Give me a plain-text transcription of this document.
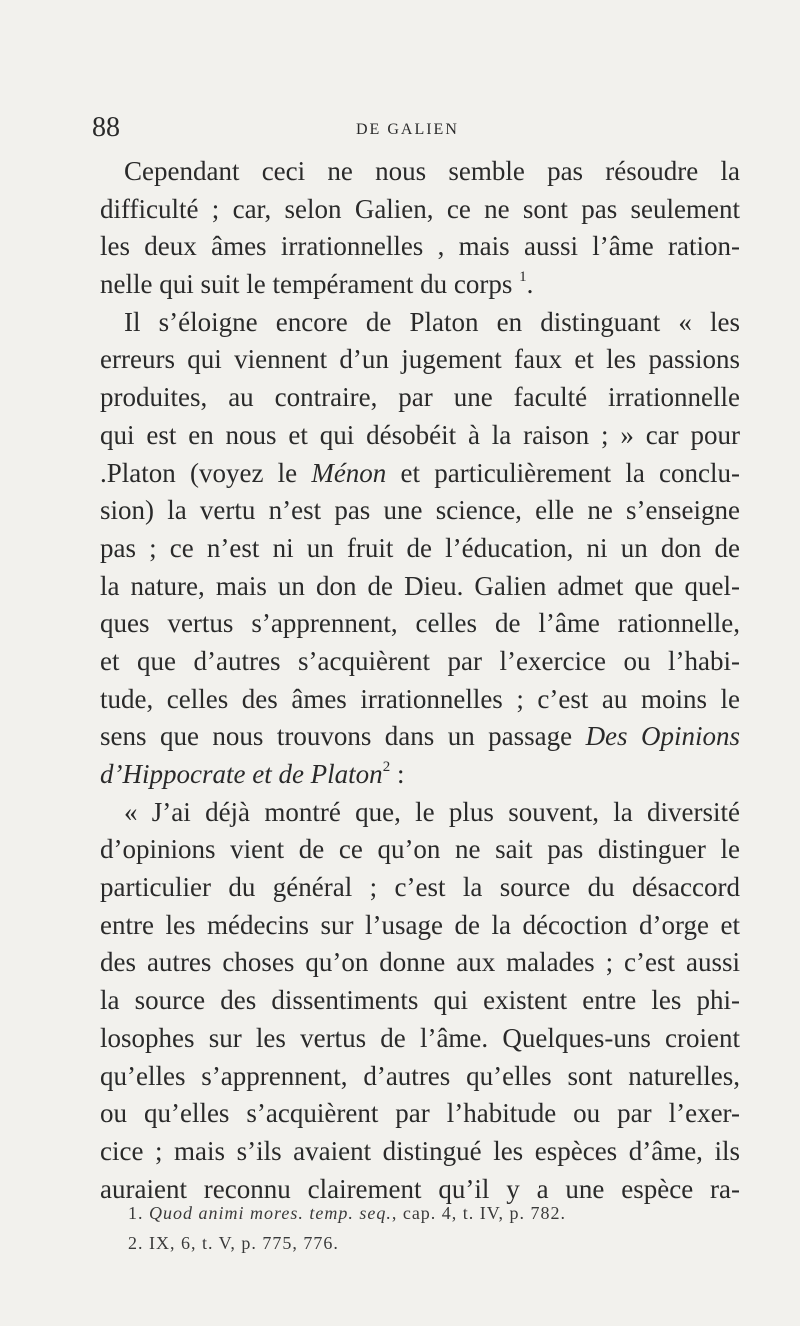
88	DE GALIEN
Cependant ceci ne nous semble pas résoudre la
difficulté ; car, selon Galien, ce ne sont pas seulement
les deux âmes irrationnelles , mais aussi l’âme ration-
nelle qui suit le tempérament du corps $^1$.
Il s’éloigne encore de Platon en distinguant « les
erreurs qui viennent d’un jugement faux et les passions
produites, au contraire, par une faculté irrationnelle
qui est en nous et qui désobéit à la raison ; » car pour
.Platon (voyez le Ménon et particulièrement la conclu-
sion) la vertu n’est pas une science, elle ne s’enseigne
pas ; ce n’est ni un fruit de l’éducation, ni un don de
la nature, mais un don de Dieu. Galien admet que quel-
ques vertus s’apprennent, celles de l’âme rationnelle,
et que d’autres s’acquièrent par l’exercice ou l’habi-
tude, celles des âmes irrationnelles ; c’est au moins le
sens que nous trouvons dans un passage Des Opinions
d’Hippocrate et de Platon$^2$ :
« J’ai déjà montré que, le plus souvent, la diversité
d’opinions vient de ce qu’on ne sait pas distinguer le
particulier du général ; c’est la source du désaccord
entre les médecins sur l’usage de la décoction d’orge et
des autres choses qu’on donne aux malades ; c’est aussi
la source des dissentiments qui existent entre les phi-
losophes sur les vertus de l’âme. Quelques-uns croient
qu’elles s’apprennent, d’autres qu’elles sont naturelles,
ou qu’elles s’acquièrent par l’habitude ou par l’exer-
cice ; mais s’ils avaient distingué les espèces d’âme, ils
auraient reconnu clairement qu’il y a une espèce ra-
1. Quod animi mores. temp. seq., cap. 4, t. IV, p. 782.
2. IX, 6, t. V, p. 775, 776.
